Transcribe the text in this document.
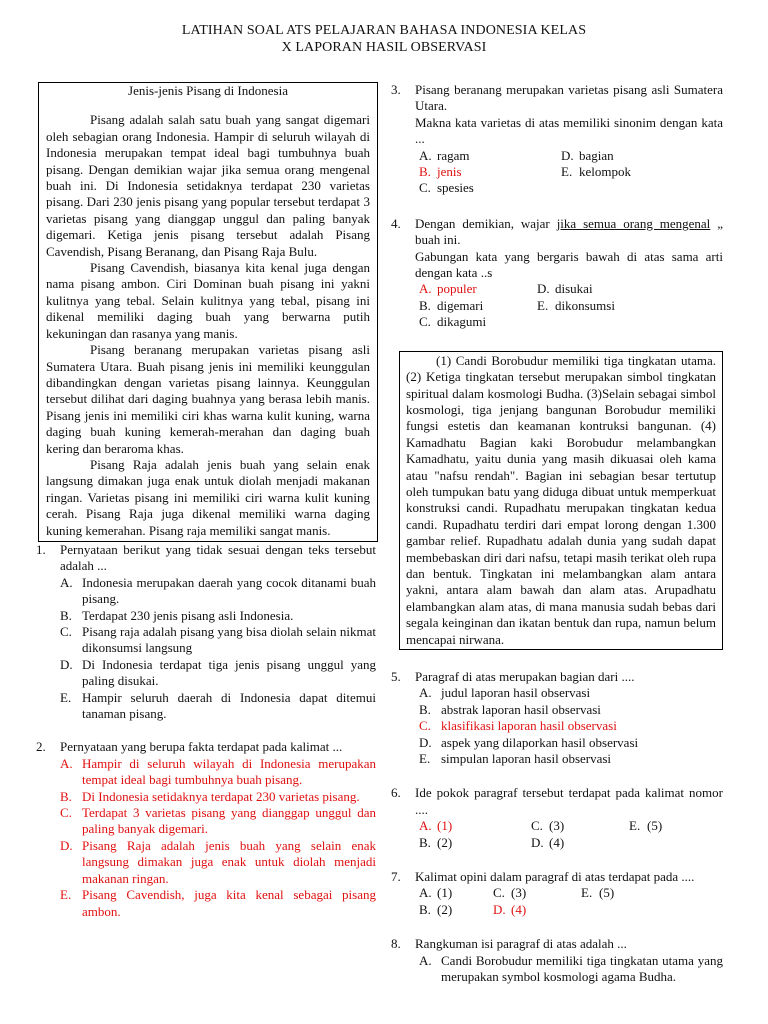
LATIHAN SOAL ATS PELAJARAN BAHASA INDONESIA KELAS
X LAPORAN HASIL OBSERVASI
Jenis-jenis Pisang di Indonesia

Pisang adalah salah satu buah yang sangat digemari oleh sebagian orang Indonesia. Hampir di seluruh wilayah di Indonesia merupakan tempat ideal bagi tumbuhnya buah pisang. Dengan demikian wajar jika semua orang mengenal buah ini. Di Indonesia setidaknya terdapat 230 varietas pisang. Dari 230 jenis pisang yang popular tersebut terdapat 3 varietas pisang yang dianggap unggul dan paling banyak digemari. Ketiga jenis pisang tersebut adalah Pisang Cavendish, Pisang Beranang, dan Pisang Raja Bulu.

Pisang Cavendish, biasanya kita kenal juga dengan nama pisang ambon. Ciri Dominan buah pisang ini yakni kulitnya yang tebal. Selain kulitnya yang tebal, pisang ini dikenal memiliki daging buah yang berwarna putih kekuningan dan rasanya yang manis.

Pisang beranang merupakan varietas pisang asli Sumatera Utara. Buah pisang jenis ini memiliki keunggulan dibandingkan dengan varietas pisang lainnya. Keunggulan tersebut dilihat dari daging buahnya yang berasa lebih manis. Pisang jenis ini memiliki ciri khas warna kulit kuning, warna daging buah kuning kemerah-merahan dan daging buah kering dan beraroma khas.

Pisang Raja adalah jenis buah yang selain enak langsung dimakan juga enak untuk diolah menjadi makanan ringan. Varietas pisang ini memiliki ciri warna kulit kuning cerah. Pisang Raja juga dikenal memiliki warna daging kuning kemerahan. Pisang raja memiliki sangat manis.

1.	Pernyataan berikut yang tidak sesuai dengan teks tersebut adalah ...
A. Indonesia merupakan daerah yang cocok ditanami buah pisang.
B. Terdapat 230 jenis pisang asli Indonesia.
C. Pisang raja adalah pisang yang bisa diolah selain nikmat dikonsumsi langsung
D. Di Indonesia terdapat tiga jenis pisang unggul yang paling disukai.
E. Hampir seluruh daerah di Indonesia dapat ditemui tanaman pisang.
2.	Pernyataan yang berupa fakta terdapat pada kalimat ...
A. Hampir di seluruh wilayah di Indonesia merupakan tempat ideal bagi tumbuhnya buah pisang.
B. Di Indonesia setidaknya terdapat 230 varietas pisang.
C. Terdapat 3 varietas pisang yang dianggap unggul dan paling banyak digemari.
D. Pisang Raja adalah jenis buah yang selain enak langsung dimakan juga enak untuk diolah menjadi makanan ringan.
E. Pisang Cavendish, juga kita kenal sebagai pisang ambon.
3.	Pisang beranang merupakan varietas pisang asli Sumatera Utara.
Makna kata varietas di atas memiliki sinonim dengan kata ...
A. ragam	D. bagian
B. jenis	E. kelompok
C. spesies
4.	Dengan demikian, wajar jika semua orang mengenal „ buah ini.
Gabungan kata yang bergaris bawah di atas sama arti dengan kata ..s
A. populer	D. disukai
B. digemari	E. dikonsumsi
C. dikagumi

(1) Candi Borobudur memiliki tiga tingkatan utama. (2) Ketiga tingkatan tersebut merupakan simbol tingkatan spiritual dalam kosmologi Budha. (3)Selain sebagai simbol kosmologi, tiga jenjang bangunan Borobudur memiliki fungsi estetis dan keamanan kontruksi bangunan. (4) Kamadhatu Bagian kaki Borobudur melambangkan Kamadhatu, yaitu dunia yang masih dikuasai oleh kama atau "nafsu rendah". Bagian ini sebagian besar tertutup oleh tumpukan batu yang diduga dibuat untuk memperkuat konstruksi candi. Rupadhatu merupakan tingkatan kedua candi. Rupadhatu terdiri dari empat lorong dengan 1.300 gambar relief. Rupadhatu adalah dunia yang sudah dapat membebaskan diri dari nafsu, tetapi masih terikat oleh rupa dan bentuk. Tingkatan ini melambangkan alam antara yakni, antara alam bawah dan alam atas. Arupadhatu elambangkan alam atas, di mana manusia sudah bebas dari segala keinginan dan ikatan bentuk dan rupa, namun belum mencapai nirwana.

5.	Paragraf di atas merupakan bagian dari ....
A. judul laporan hasil observasi
B. abstrak laporan hasil observasi
C. klasifikasi laporan hasil observasi
D. aspek yang dilaporkan hasil observasi
E. simpulan laporan hasil observasi
6.	Ide pokok paragraf tersebut terdapat pada kalimat nomor ....
A. (1)	C. (3)	E. (5)
B. (2)	D. (4)
7.	Kalimat opini dalam paragraf di atas terdapat pada ....
A. (1)	C. (3)	E. (5)
B. (2)	D. (4)
8.	Rangkuman isi paragraf di atas adalah ...
A. Candi Borobudur memiliki tiga tingkatan utama yang merupakan symbol kosmologi agama Budha.
